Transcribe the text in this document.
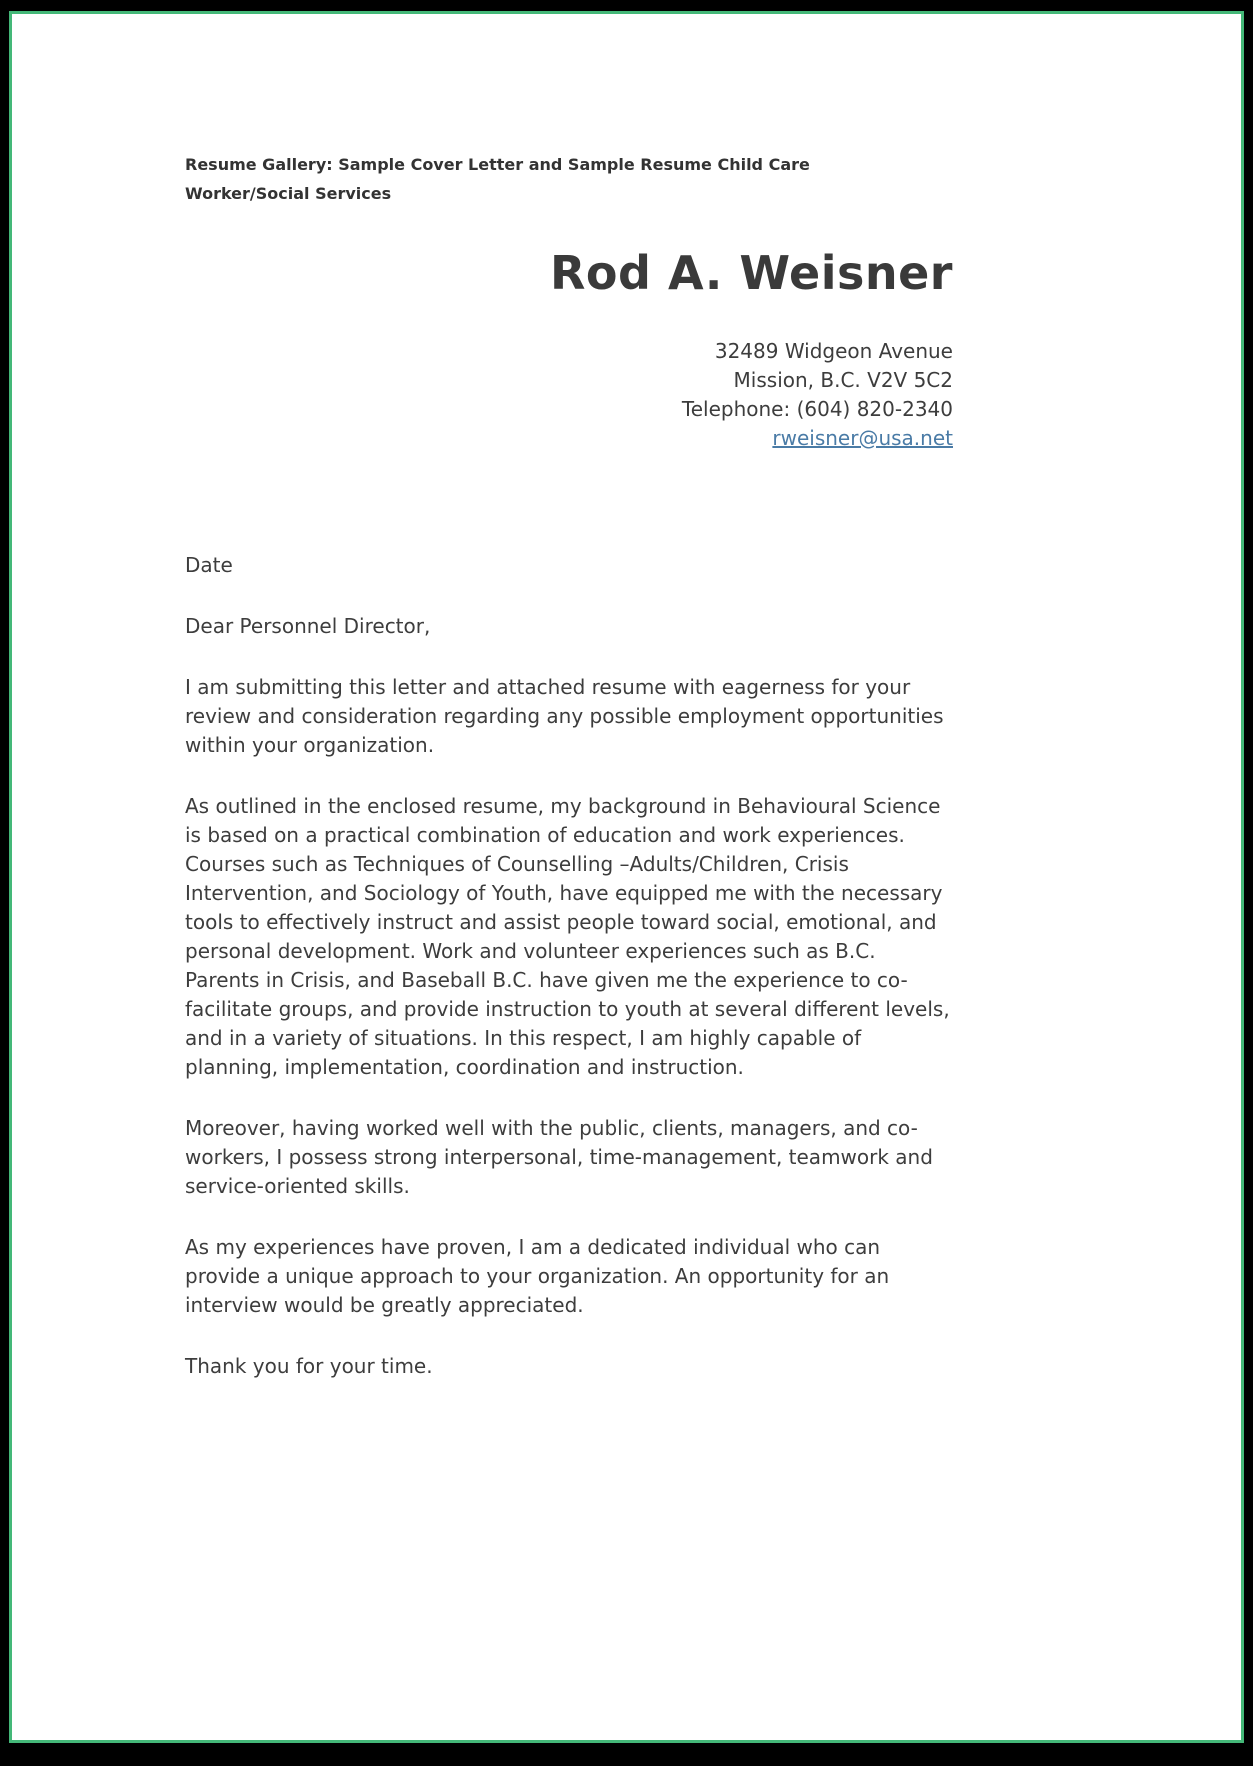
Resume Gallery: Sample Cover Letter and Sample Resume Child Care Worker/Social Services
Rod A. Weisner
32489 Widgeon Avenue
Mission, B.C. V2V 5C2
Telephone: (604) 820-2340
rweisner@usa.net

Date

Dear Personnel Director,

I am submitting this letter and attached resume with eagerness for your review and consideration regarding any possible employment opportunities within your organization.

As outlined in the enclosed resume, my background in Behavioural Science is based on a practical combination of education and work experiences. Courses such as Techniques of Counselling –Adults/Children, Crisis Intervention, and Sociology of Youth, have equipped me with the necessary tools to effectively instruct and assist people toward social, emotional, and personal development. Work and volunteer experiences such as B.C. Parents in Crisis, and Baseball B.C. have given me the experience to co-facilitate groups, and provide instruction to youth at several different levels, and in a variety of situations. In this respect, I am highly capable of planning, implementation, coordination and instruction.

Moreover, having worked well with the public, clients, managers, and co-workers, I possess strong interpersonal, time-management, teamwork and service-oriented skills.

As my experiences have proven, I am a dedicated individual who can provide a unique approach to your organization. An opportunity for an interview would be greatly appreciated.

Thank you for your time.
